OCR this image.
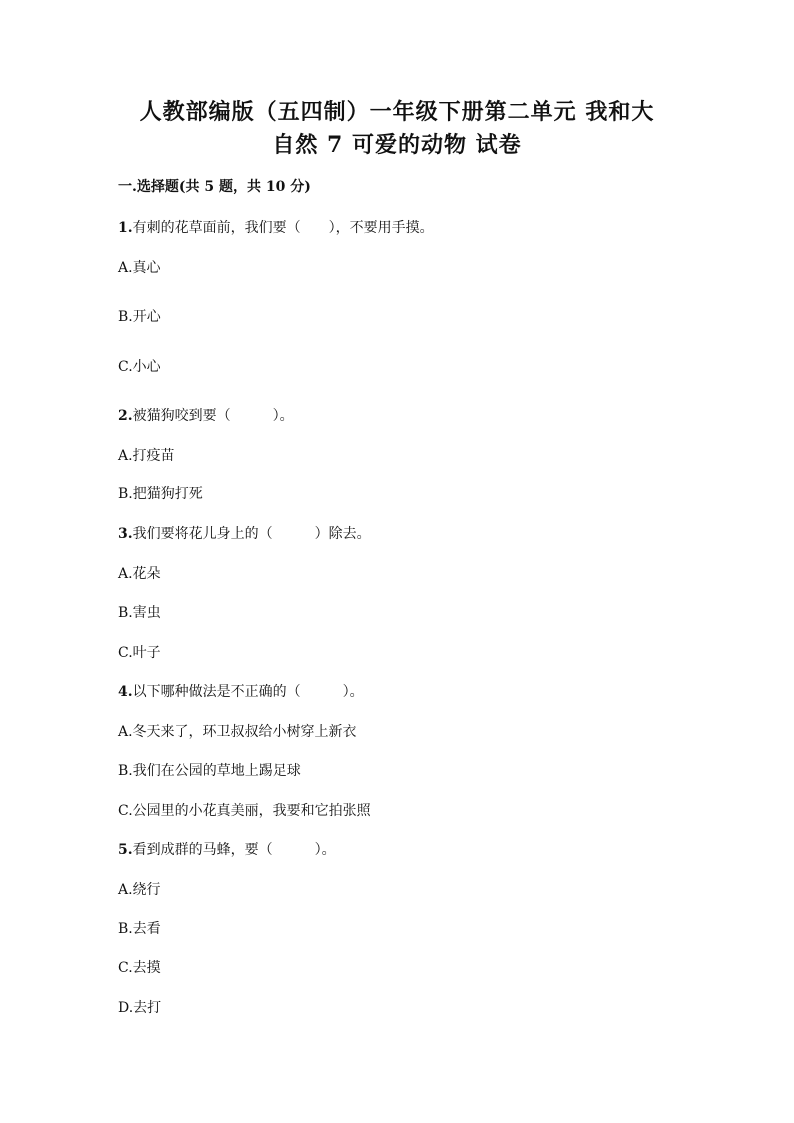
人教部编版（五四制）一年级下册第二单元 我和大
自然 7 可爱的动物 试卷
一.选择题(共 5 题，共 10 分)
1.有刺的花草面前，我们要（　　），不要用手摸。
A.真心
B.开心
C.小心
2.被猫狗咬到要（　　　）。
A.打疫苗
B.把猫狗打死
3.我们要将花儿身上的（　　　）除去。
A.花朵
B.害虫
C.叶子
4.以下哪种做法是不正确的（　　　）。
A.冬天来了，环卫叔叔给小树穿上新衣
B.我们在公园的草地上踢足球
C.公园里的小花真美丽，我要和它拍张照
5.看到成群的马蜂，要（　　　）。
A.绕行
B.去看
C.去摸
D.去打
